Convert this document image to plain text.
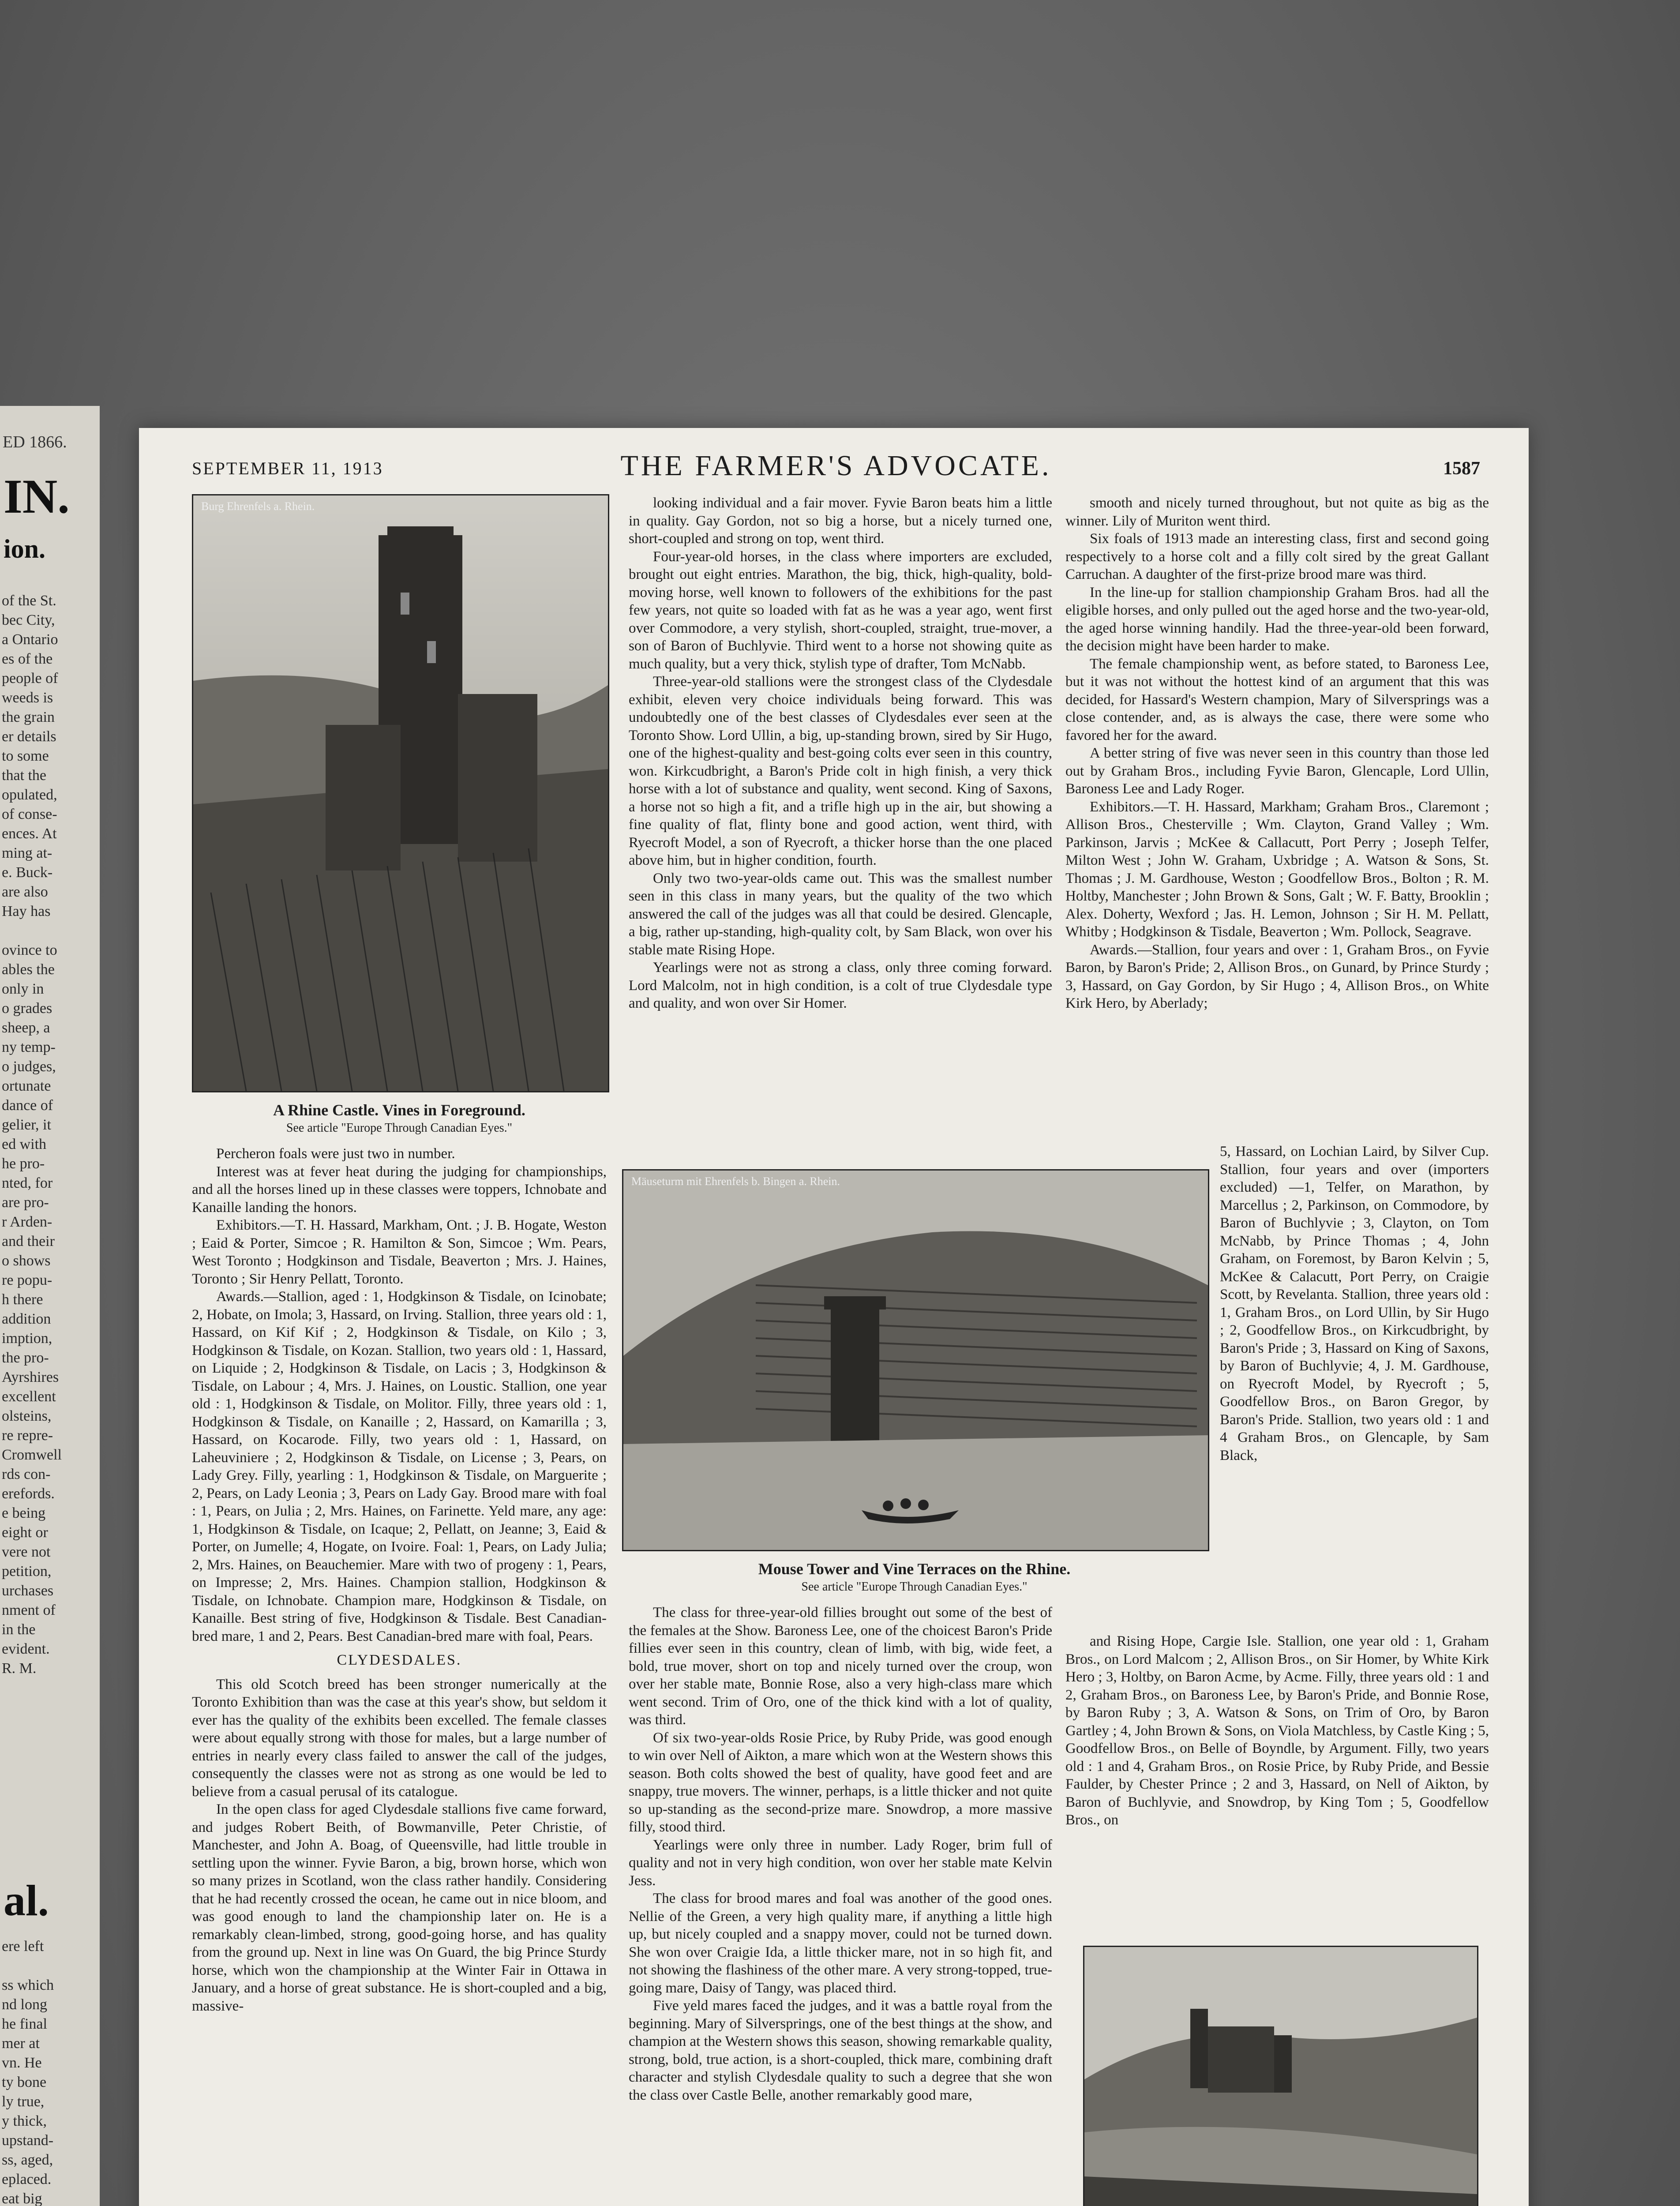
ED 1866.
IN.
ion.
al.
of the St.
bec City,
a Ontario
es of the
people of
weeds is
the grain
er details
to some
that the
opulated,
of conse-
ences. At
ming at-
e. Buck-
are also
Hay has
ovince to
ables the
only in
o grades
sheep, a
ny temp-
o judges,
ortunate
dance of
gelier, it
ed with
he pro-
nted, for
are pro-
r Arden-
and their
o shows
re popu-
h there
addition
imption,
the pro-
Ayrshires
excellent
olsteins,
re repre-
Cromwell
rds con-
erefords.
e being
eight or
vere not
petition,
urchases
nment of
in the
evident.
R. M.
ere left
ss which
nd long
he final
mer at
vn. He
ty bone
ly true,
y thick,
upstand-
ss, aged,
eplaced.
eat big
SEPTEMBER 11, 1913	THE FARMER'S ADVOCATE.	1587
Burg Ehrenfels a. Rhein.
A Rhine Castle. Vines in Foreground.
See article "Europe Through Canadian Eyes."

Percheron foals were just two in number.

Interest was at fever heat during the judging for championships, and all the horses lined up in these classes were toppers, Ichnobate and Kanaille landing the honors.

Exhibitors.—T. H. Hassard, Markham, Ont. ; J. B. Hogate, Weston ; Eaid & Porter, Simcoe ; R. Hamilton & Son, Simcoe ; Wm. Pears, West Toronto ; Hodgkinson and Tisdale, Beaverton ; Mrs. J. Haines, Toronto ; Sir Henry Pellatt, Toronto.

Awards.—Stallion, aged : 1, Hodgkinson & Tisdale, on Icinobate; 2, Hobate, on Imola; 3, Hassard, on Irving. Stallion, three years old : 1, Hassard, on Kif Kif ; 2, Hodgkinson & Tisdale, on Kilo ; 3, Hodgkinson & Tisdale, on Kozan. Stallion, two years old : 1, Hassard, on Liquide ; 2, Hodgkinson & Tisdale, on Lacis ; 3, Hodgkinson & Tisdale, on Labour ; 4, Mrs. J. Haines, on Loustic. Stallion, one year old : 1, Hodgkinson & Tisdale, on Molitor. Filly, three years old : 1, Hodgkinson & Tisdale, on Kanaille ; 2, Hassard, on Kamarilla ; 3, Hassard, on Kocarode. Filly, two years old : 1, Hassard, on Laheuviniere ; 2, Hodgkinson & Tisdale, on License ; 3, Pears, on Lady Grey. Filly, yearling : 1, Hodgkinson & Tisdale, on Marguerite ; 2, Pears, on Lady Leonia ; 3, Pears on Lady Gay. Brood mare with foal : 1, Pears, on Julia ; 2, Mrs. Haines, on Farinette. Yeld mare, any age: 1, Hodgkinson & Tisdale, on Icaque; 2, Pellatt, on Jeanne; 3, Eaid & Porter, on Jumelle; 4, Hogate, on Ivoire. Foal: 1, Pears, on Lady Julia; 2, Mrs. Haines, on Beauchemier. Mare with two of progeny : 1, Pears, on Impresse; 2, Mrs. Haines. Champion stallion, Hodgkinson & Tisdale, on Ichnobate. Champion mare, Hodgkinson & Tisdale, on Kanaille. Best string of five, Hodgkinson & Tisdale. Best Canadian-bred mare, 1 and 2, Pears. Best Canadian-bred mare with foal, Pears.

CLYDESDALES.

This old Scotch breed has been stronger numerically at the Toronto Exhibition than was the case at this year's show, but seldom it ever has the quality of the exhibits been excelled. The female classes were about equally strong with those for males, but a large number of entries in nearly every class failed to answer the call of the judges, consequently the classes were not as strong as one would be led to believe from a casual perusal of its catalogue.

In the open class for aged Clydesdale stallions five came forward, and judges Robert Beith, of Bowmanville, Peter Christie, of Manchester, and John A. Boag, of Queensville, had little trouble in settling upon the winner. Fyvie Baron, a big, brown horse, which won so many prizes in Scotland, won the class rather handily. Considering that he had recently crossed the ocean, he came out in nice bloom, and was good enough to land the championship later on. He is a remarkably clean-limbed, strong, good-going horse, and has quality from the ground up. Next in line was On Guard, the big Prince Sturdy horse, which won the championship at the Winter Fair in Ottawa in January, and a horse of great substance. He is short-coupled and a big, massive-

looking individual and a fair mover. Fyvie Baron beats him a little in quality. Gay Gordon, not so big a horse, but a nicely turned one, short-coupled and strong on top, went third.

Four-year-old horses, in the class where importers are excluded, brought out eight entries. Marathon, the big, thick, high-quality, bold-moving horse, well known to followers of the exhibitions for the past few years, not quite so loaded with fat as he was a year ago, went first over Commodore, a very stylish, short-coupled, straight, true-mover, a son of Baron of Buchlyvie. Third went to a horse not showing quite as much quality, but a very thick, stylish type of drafter, Tom McNabb.

Three-year-old stallions were the strongest class of the Clydesdale exhibit, eleven very choice individuals being forward. This was undoubtedly one of the best classes of Clydesdales ever seen at the Toronto Show. Lord Ullin, a big, up-standing brown, sired by Sir Hugo, one of the highest-quality and best-going colts ever seen in this country, won. Kirkcudbright, a Baron's Pride colt in high finish, a very thick horse with a lot of substance and quality, went second. King of Saxons, a horse not so high a fit, and a trifle high up in the air, but showing a fine quality of flat, flinty bone and good action, went third, with Ryecroft Model, a son of Ryecroft, a thicker horse than the one placed above him, but in higher condition, fourth.

Only two two-year-olds came out. This was the smallest number seen in this class in many years, but the quality of the two which answered the call of the judges was all that could be desired. Glencaple, a big, rather up-standing, high-quality colt, by Sam Black, won over his stable mate Rising Hope.

Yearlings were not as strong a class, only three coming forward. Lord Malcolm, not in high condition, is a colt of true Clydesdale type and quality, and won over Sir Homer.

Mäuseturm mit Ehrenfels b. Bingen a. Rhein.
Mouse Tower and Vine Terraces on the Rhine.
See article "Europe Through Canadian Eyes."

The class for three-year-old fillies brought out some of the best of the females at the Show. Baroness Lee, one of the choicest Baron's Pride fillies ever seen in this country, clean of limb, with big, wide feet, a bold, true mover, short on top and nicely turned over the croup, won over her stable mate, Bonnie Rose, also a very high-class mare which went second. Trim of Oro, one of the thick kind with a lot of quality, was third.

Of six two-year-olds Rosie Price, by Ruby Pride, was good enough to win over Nell of Aikton, a mare which won at the Western shows this season. Both colts showed the best of quality, have good feet and are snappy, true movers. The winner, perhaps, is a little thicker and not quite so up-standing as the second-prize mare. Snowdrop, a more massive filly, stood third.

Yearlings were only three in number. Lady Roger, brim full of quality and not in very high condition, won over her stable mate Kelvin Jess.

The class for brood mares and foal was another of the good ones. Nellie of the Green, a very high quality mare, if anything a little high up, but nicely coupled and a snappy mover, could not be turned down. She won over Craigie Ida, a little thicker mare, not in so high fit, and not showing the flashiness of the other mare. A very strong-topped, true-going mare, Daisy of Tangy, was placed third.

Five yeld mares faced the judges, and it was a battle royal from the beginning. Mary of Silversprings, one of the best things at the show, and champion at the Western shows this season, showing remarkable quality, strong, bold, true action, is a short-coupled, thick mare, combining draft character and stylish Clydesdale quality to such a degree that she won the class over Castle Belle, another remarkably good mare,

smooth and nicely turned throughout, but not quite as big as the winner. Lily of Muriton went third.

Six foals of 1913 made an interesting class, first and second going respectively to a horse colt and a filly colt sired by the great Gallant Carruchan. A daughter of the first-prize brood mare was third.

In the line-up for stallion championship Graham Bros. had all the eligible horses, and only pulled out the aged horse and the two-year-old, the aged horse winning handily. Had the three-year-old been forward, the decision might have been harder to make.

The female championship went, as before stated, to Baroness Lee, but it was not without the hottest kind of an argument that this was decided, for Hassard's Western champion, Mary of Silversprings was a close contender, and, as is always the case, there were some who favored her for the award.

A better string of five was never seen in this country than those led out by Graham Bros., including Fyvie Baron, Glencaple, Lord Ullin, Baroness Lee and Lady Roger.

Exhibitors.—T. H. Hassard, Markham; Graham Bros., Claremont ; Allison Bros., Chesterville ; Wm. Clayton, Grand Valley ; Wm. Parkinson, Jarvis ; McKee & Callacutt, Port Perry ; Joseph Telfer, Milton West ; John W. Graham, Uxbridge ; A. Watson & Sons, St. Thomas ; J. M. Gardhouse, Weston ; Goodfellow Bros., Bolton ; R. M. Holtby, Manchester ; John Brown & Sons, Galt ; W. F. Batty, Brooklin ; Alex. Doherty, Wexford ; Jas. H. Lemon, Johnson ; Sir H. M. Pellatt, Whitby ; Hodgkinson & Tisdale, Beaverton ; Wm. Pollock, Seagrave.

Awards.—Stallion, four years and over : 1, Graham Bros., on Fyvie Baron, by Baron's Pride; 2, Allison Bros., on Gunard, by Prince Sturdy ; 3, Hassard, on Gay Gordon, by Sir Hugo ; 4, Allison Bros., on White Kirk Hero, by Aberlady;

5, Hassard, on Lochian Laird, by Silver Cup. Stallion, four years and over (importers excluded) —1, Telfer, on Marathon, by Marcellus ; 2, Parkinson, on Commodore, by Baron of Buchlyvie ; 3, Clayton, on Tom McNabb, by Prince Thomas ; 4, John Graham, on Foremost, by Baron Kelvin ; 5, McKee & Calacutt, Port Perry, on Craigie Scott, by Revelanta. Stallion, three years old : 1, Graham Bros., on Lord Ullin, by Sir Hugo ; 2, Goodfellow Bros., on Kirkcudbright, by Baron's Pride ; 3, Hassard on King of Saxons, by Baron of Buchlyvie; 4, J. M. Gardhouse, on Ryecroft Model, by Ryecroft ; 5, Goodfellow Bros., on Baron Gregor, by Baron's Pride. Stallion, two years old : 1 and 4 Graham Bros., on Glencaple, by Sam Black,

and Rising Hope, Cargie Isle. Stallion, one year old : 1, Graham Bros., on Lord Malcom ; 2, Allison Bros., on Sir Homer, by White Kirk Hero ; 3, Holtby, on Baron Acme, by Acme. Filly, three years old : 1 and 2, Graham Bros., on Baroness Lee, by Baron's Pride, and Bonnie Rose, by Baron Ruby ; 3, A. Watson & Sons, on Trim of Oro, by Baron Gartley ; 4, John Brown & Sons, on Viola Matchless, by Castle King ; 5, Goodfellow Bros., on Belle of Boyndle, by Argument. Filly, two years old : 1 and 4, Graham Bros., on Rosie Price, by Ruby Pride, and Bessie Faulder, by Chester Prince ; 2 and 3, Hassard, on Nell of Aikton, by Baron of Buchlyvie, and Snowdrop, by King Tom ; 5, Goodfellow Bros., on
